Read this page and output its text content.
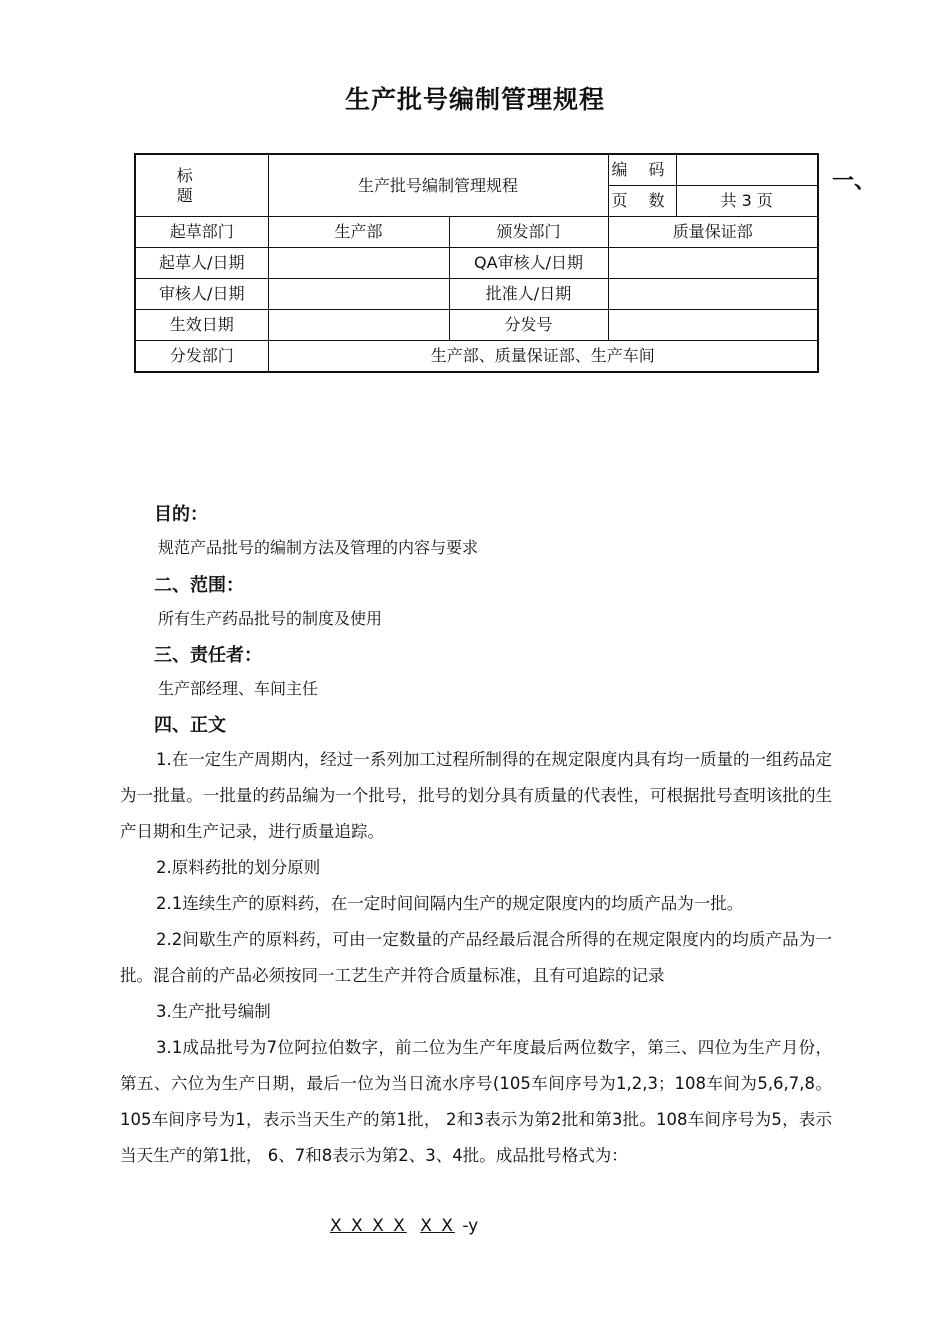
生产批号编制管理规程
标 题	生产批号编制管理规程		编 码	
			页 数	共 3 页
起草部门	生产部	颁发部门	质量保证部	
起草人/日期		QA审核人/日期		
审核人/日期		批准人/日期		
生效日期		分发号		
分发部门	生产部、质量保证部、生产车间			
一、
目的：
规范产品批号的编制方法及管理的内容与要求
二、范围：
所有生产药品批号的制度及使用
三、责任者：
生产部经理、车间主任
四、正文
1.在一定生产周期内，经过一系列加工过程所制得的在规定限度内具有均一质量的一组药品定为一批量。一批量的药品编为一个批号，批号的划分具有质量的代表性，可根据批号查明该批的生产日期和生产记录，进行质量追踪。
2.原料药批的划分原则
2.1连续生产的原料药，在一定时间间隔内生产的规定限度内的均质产品为一批。
2.2间歇生产的原料药，可由一定数量的产品经最后混合所得的在规定限度内的均质产品为一批。混合前的产品必须按同一工艺生产并符合质量标准，且有可追踪的记录
3.生产批号编制
3.1成品批号为7位阿拉伯数字，前二位为生产年度最后两位数字，第三、四位为生产月份，第五、六位为生产日期，最后一位为当日流水序号(105车间序号为1,2,3；108车间为5,6,7,8。105车间序号为1，表示当天生产的第1批， 2和3表示为第2批和第3批。108车间序号为5，表示当天生产的第1批， 6、7和8表示为第2、3、4批。成品批号格式为：
X X X X X X -y
